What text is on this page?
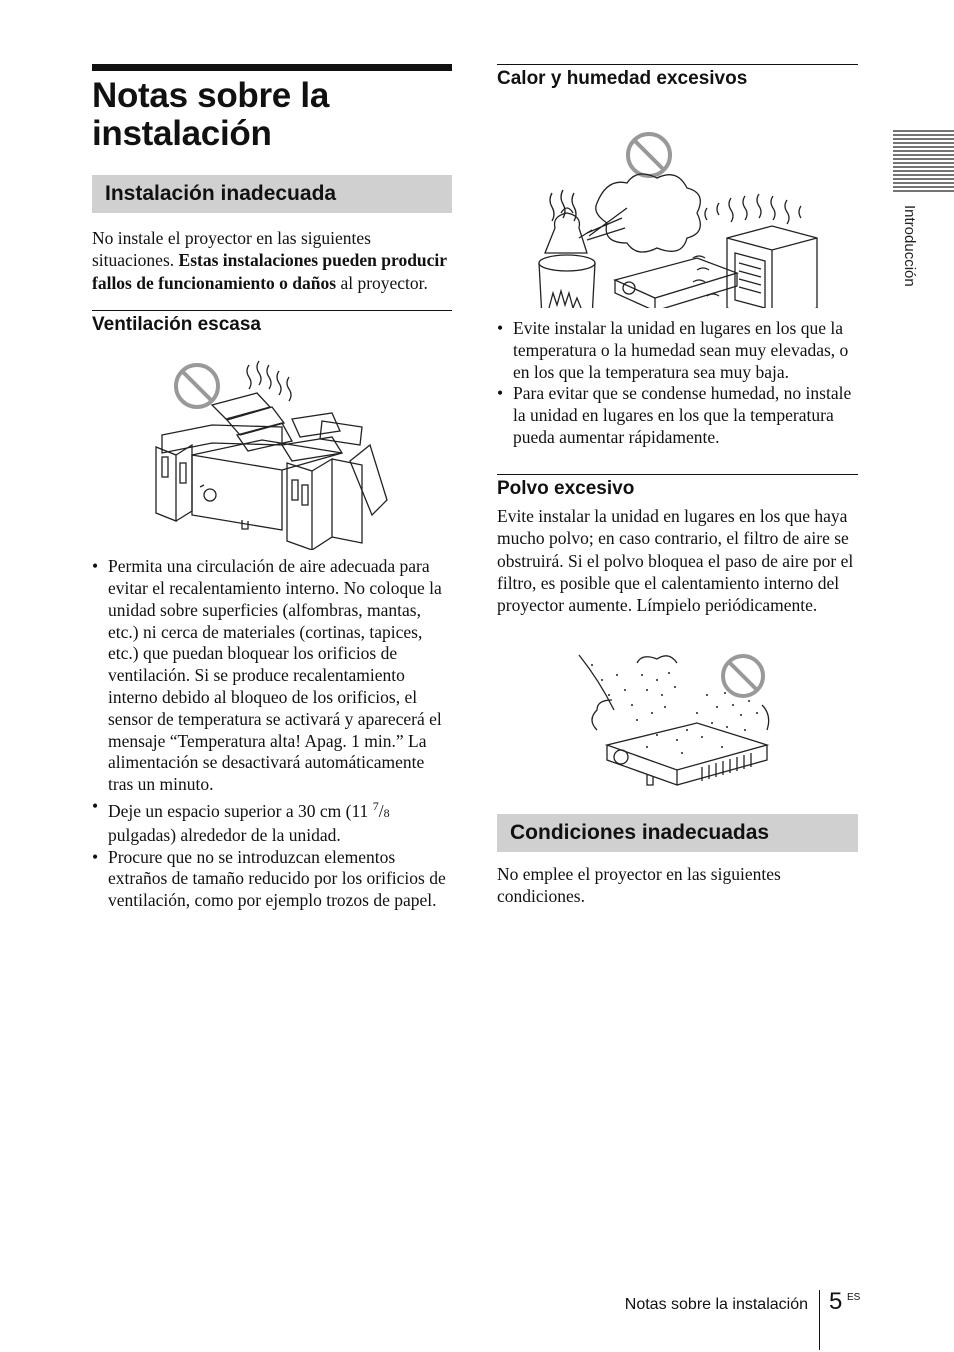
Notas sobre la instalación
Instalación inadecuada

No instale el proyector en las siguientes situaciones. Estas instalaciones pueden producir fallos de funcionamiento o daños al proyector.

Ventilación escasa
• Permita una circulación de aire adecuada para evitar el recalentamiento interno. No coloque la unidad sobre superficies (alfombras, mantas, etc.) ni cerca de materiales (cortinas, tapices, etc.) que puedan bloquear los orificios de ventilación. Si se produce recalentamiento interno debido al bloqueo de los orificios, el sensor de temperatura se activará y aparecerá el mensaje “Temperatura alta! Apag. 1 min.” La alimentación se desactivará automáticamente tras un minuto.
• Deje un espacio superior a 30 cm (11 $^7$/8 pulgadas) alrededor de la unidad.
• Procure que no se introduzcan elementos extraños de tamaño reducido por los orificios de ventilación, como por ejemplo trozos de papel.
Calor y humedad excesivos
• Evite instalar la unidad en lugares en los que la temperatura o la humedad sean muy elevadas, o en los que la temperatura sea muy baja.
• Para evitar que se condense humedad, no instale la unidad en lugares en los que la temperatura pueda aumentar rápidamente.
Polvo excesivo

Evite instalar la unidad en lugares en los que haya mucho polvo; en caso contrario, el filtro de aire se obstruirá. Si el polvo bloquea el paso de aire por el filtro, es posible que el calentamiento interno del proyector aumente. Límpielo periódicamente.

Condiciones inadecuadas

No emplee el proyector en las siguientes condiciones.

Introducción
Notas sobre la instalación 5 ES
